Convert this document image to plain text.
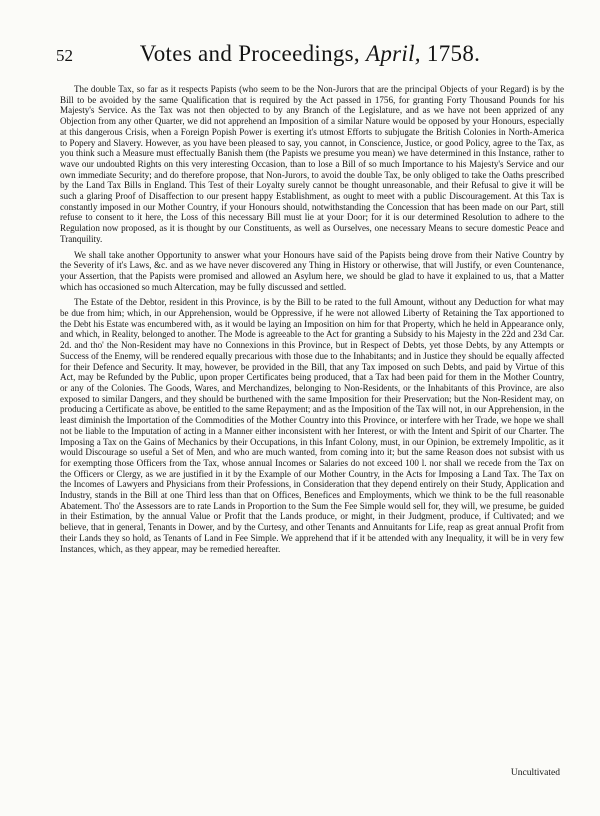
52	Votes and Proceedings, April, 1758.

The double Tax, so far as it respects Papists (who seem to be the Non-Jurors that are the principal Objects of your Regard) is by the Bill to be avoided by the same Qualification that is required by the Act passed in 1756, for granting Forty Thousand Pounds for his Majesty's Service. As the Tax was not then objected to by any Branch of the Legislature, and as we have not been apprized of any Objection from any other Quarter, we did not apprehend an Imposition of a similar Nature would be opposed by your Honours, especially at this dangerous Crisis, when a Foreign Popish Power is exerting it's utmost Efforts to subjugate the British Colonies in North-America to Popery and Slavery. However, as you have been pleased to say, you cannot, in Conscience, Justice, or good Policy, agree to the Tax, as you think such a Measure must effectually Banish them (the Papists we presume you mean) we have determined in this Instance, rather to wave our undoubted Rights on this very interesting Occasion, than to lose a Bill of so much Importance to his Majesty's Service and our own immediate Security; and do therefore propose, that Non-Jurors, to avoid the double Tax, be only obliged to take the Oaths prescribed by the Land Tax Bills in England. This Test of their Loyalty surely cannot be thought unreasonable, and their Refusal to give it will be such a glaring Proof of Disaffection to our present happy Establishment, as ought to meet with a public Discouragement. At this Tax is constantly imposed in our Mother Country, if your Honours should, notwithstanding the Concession that has been made on our Part, still refuse to consent to it here, the Loss of this necessary Bill must lie at your Door; for it is our determined Resolution to adhere to the Regulation now proposed, as it is thought by our Constituents, as well as Ourselves, one necessary Means to secure domestic Peace and Tranquility.

We shall take another Opportunity to answer what your Honours have said of the Papists being drove from their Native Country by the Severity of it's Laws, &c. and as we have never discovered any Thing in History or otherwise, that will Justify, or even Countenance, your Assertion, that the Papists were promised and allowed an Asylum here, we should be glad to have it explained to us, that a Matter which has occasioned so much Altercation, may be fully discussed and settled.

The Estate of the Debtor, resident in this Province, is by the Bill to be rated to the full Amount, without any Deduction for what may be due from him; which, in our Apprehension, would be Oppressive, if he were not allowed Liberty of Retaining the Tax apportioned to the Debt his Estate was encumbered with, as it would be laying an Imposition on him for that Property, which he held in Appearance only, and which, in Reality, belonged to another. The Mode is agreeable to the Act for granting a Subsidy to his Majesty in the 22d and 23d Car. 2d. and tho' the Non-Resident may have no Connexions in this Province, but in Respect of Debts, yet those Debts, by any Attempts or Success of the Enemy, will be rendered equally precarious with those due to the Inhabitants; and in Justice they should be equally affected for their Defence and Security. It may, however, be provided in the Bill, that any Tax imposed on such Debts, and paid by Virtue of this Act, may be Refunded by the Public, upon proper Certificates being produced, that a Tax had been paid for them in the Mother Country, or any of the Colonies. The Goods, Wares, and Merchandizes, belonging to Non-Residents, or the Inhabitants of this Province, are also exposed to similar Dangers, and they should be burthened with the same Imposition for their Preservation; but the Non-Resident may, on producing a Certificate as above, be entitled to the same Repayment; and as the Imposition of the Tax will not, in our Apprehension, in the least diminish the Importation of the Commodities of the Mother Country into this Province, or interfere with her Trade, we hope we shall not be liable to the Imputation of acting in a Manner either inconsistent with her Interest, or with the Intent and Spirit of our Charter. The Imposing a Tax on the Gains of Mechanics by their Occupations, in this Infant Colony, must, in our Opinion, be extremely Impolitic, as it would Discourage so useful a Set of Men, and who are much wanted, from coming into it; but the same Reason does not subsist with us for exempting those Officers from the Tax, whose annual Incomes or Salaries do not exceed 100 l. nor shall we recede from the Tax on the Officers or Clergy, as we are justified in it by the Example of our Mother Country, in the Acts for Imposing a Land Tax. The Tax on the Incomes of Lawyers and Physicians from their Professions, in Consideration that they depend entirely on their Study, Application and Industry, stands in the Bill at one Third less than that on Offices, Benefices and Employments, which we think to be the full reasonable Abatement. Tho' the Assessors are to rate Lands in Proportion to the Sum the Fee Simple would sell for, they will, we presume, be guided in their Estimation, by the annual Value or Profit that the Lands produce, or might, in their Judgment, produce, if Cultivated; and we believe, that in general, Tenants in Dower, and by the Curtesy, and other Tenants and Annuitants for Life, reap as great annual Profit from their Lands they so hold, as Tenants of Land in Fee Simple. We apprehend that if it be attended with any Inequality, it will be in very few Instances, which, as they appear, may be remedied hereafter.

Uncultivated
